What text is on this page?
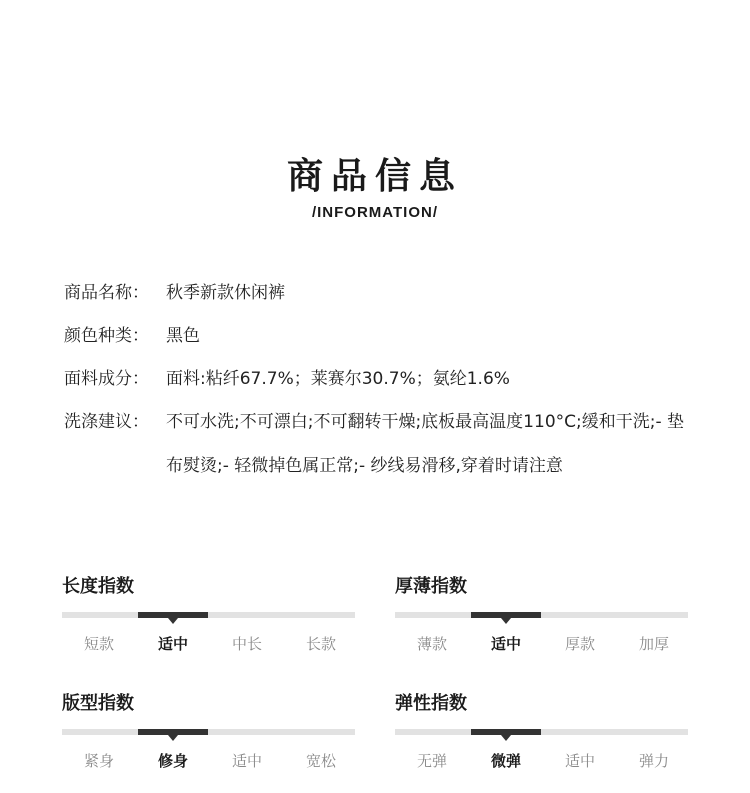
商品信息
/INFORMATION/
商品名称： 秋季新款休闲裤
颜色种类： 黑色
面料成分： 面料:粘纤67.7%；莱赛尔30.7%；氨纶1.6%
洗涤建议： 不可水洗;不可漂白;不可翻转干燥;底板最高温度110°C;缓和干洗;- 垫布熨烫;- 轻微掉色属正常;- 纱线易滑移,穿着时请注意
长度指数
短款	适中	中长	长款
厚薄指数
薄款	适中	厚款	加厚
版型指数
紧身	修身	适中	宽松
弹性指数
无弹	微弹	适中	弹力
